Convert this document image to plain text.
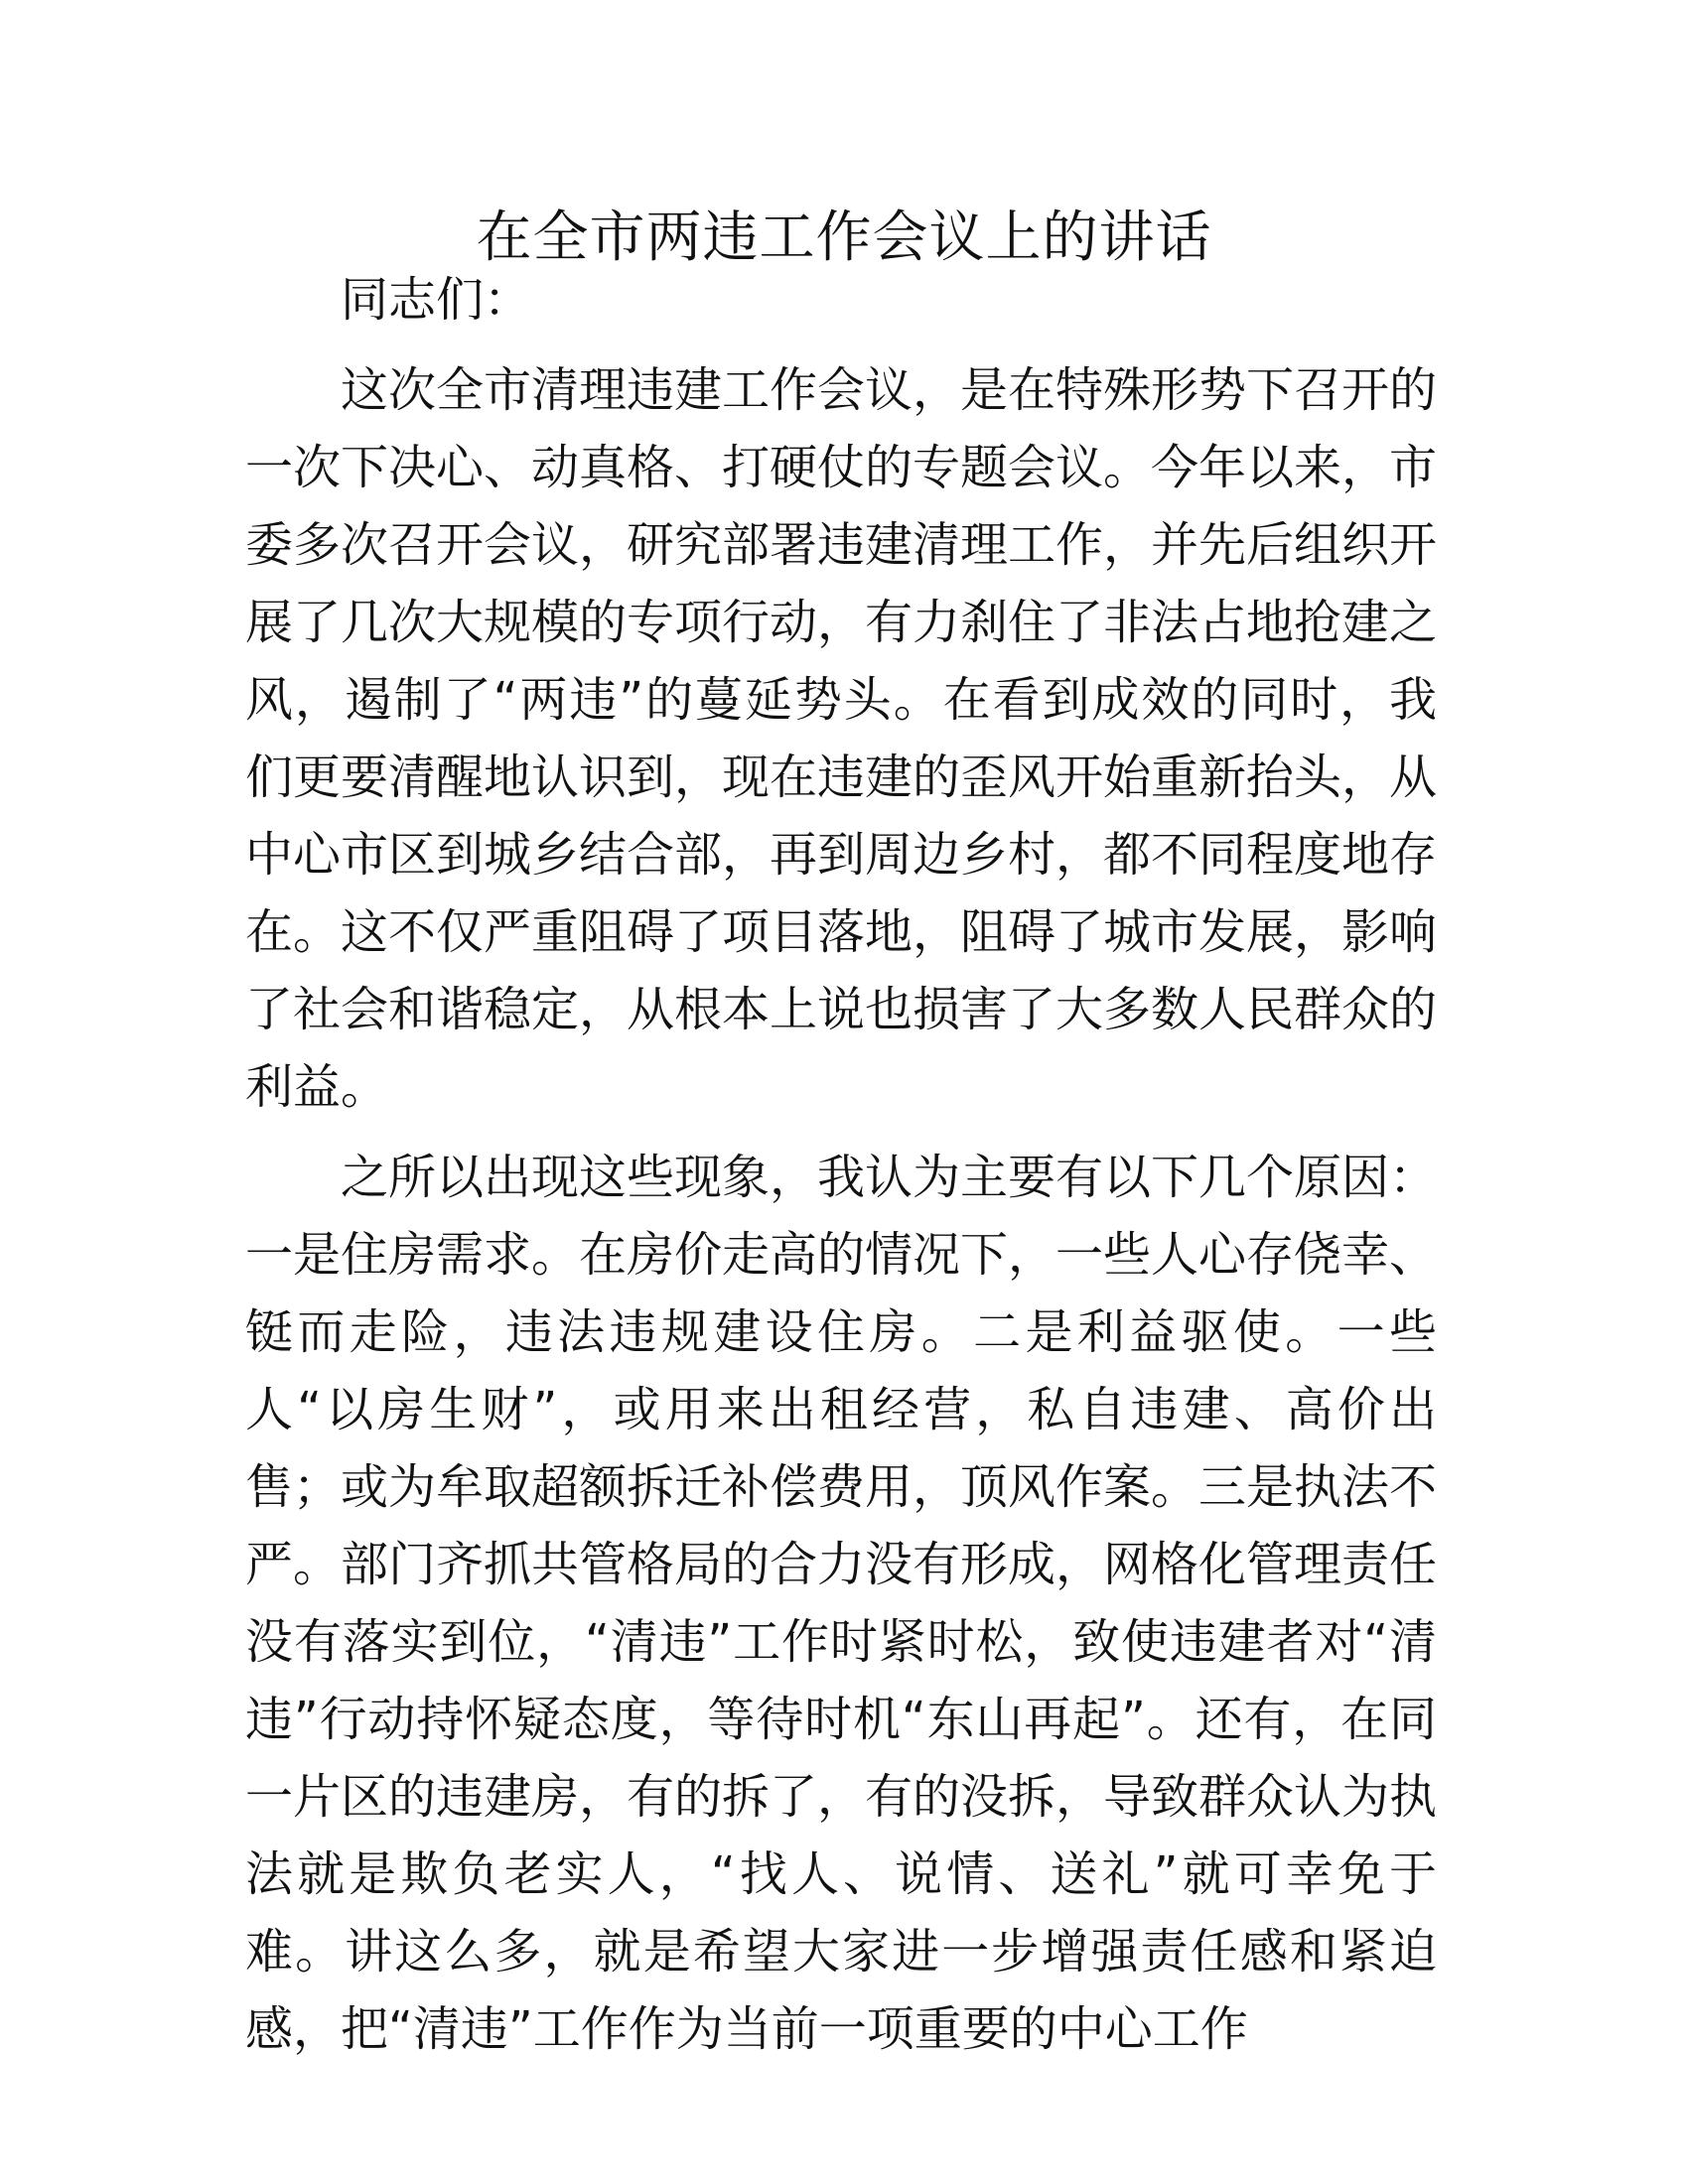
在全市两违工作会议上的讲话

同志们：

这次全市清理违建工作会议，是在特殊形势下召开的一次下决心、动真格、打硬仗的专题会议。今年以来，市委多次召开会议，研究部署违建清理工作，并先后组织开展了几次大规模的专项行动，有力刹住了非法占地抢建之风，遏制了“两违”的蔓延势头。在看到成效的同时，我们更要清醒地认识到，现在违建的歪风开始重新抬头，从中心市区到城乡结合部，再到周边乡村，都不同程度地存在。这不仅严重阻碍了项目落地，阻碍了城市发展，影响了社会和谐稳定，从根本上说也损害了大多数人民群众的利益。

之所以出现这些现象，我认为主要有以下几个原因：一是住房需求。在房价走高的情况下，一些人心存侥幸、铤而走险，违法违规建设住房。二是利益驱使。一些人“以房生财”，或用来出租经营，私自违建、高价出售；或为牟取超额拆迁补偿费用，顶风作案。三是执法不严。部门齐抓共管格局的合力没有形成，网格化管理责任没有落实到位，“清违”工作时紧时松，致使违建者对“清违”行动持怀疑态度，等待时机“东山再起”。还有，在同一片区的违建房，有的拆了，有的没拆，导致群众认为执法就是欺负老实人，“找人、说情、送礼”就可幸免于难。讲这么多，就是希望大家进一步增强责任感和紧迫感，把“清违”工作作为当前一项重要的中心工作
